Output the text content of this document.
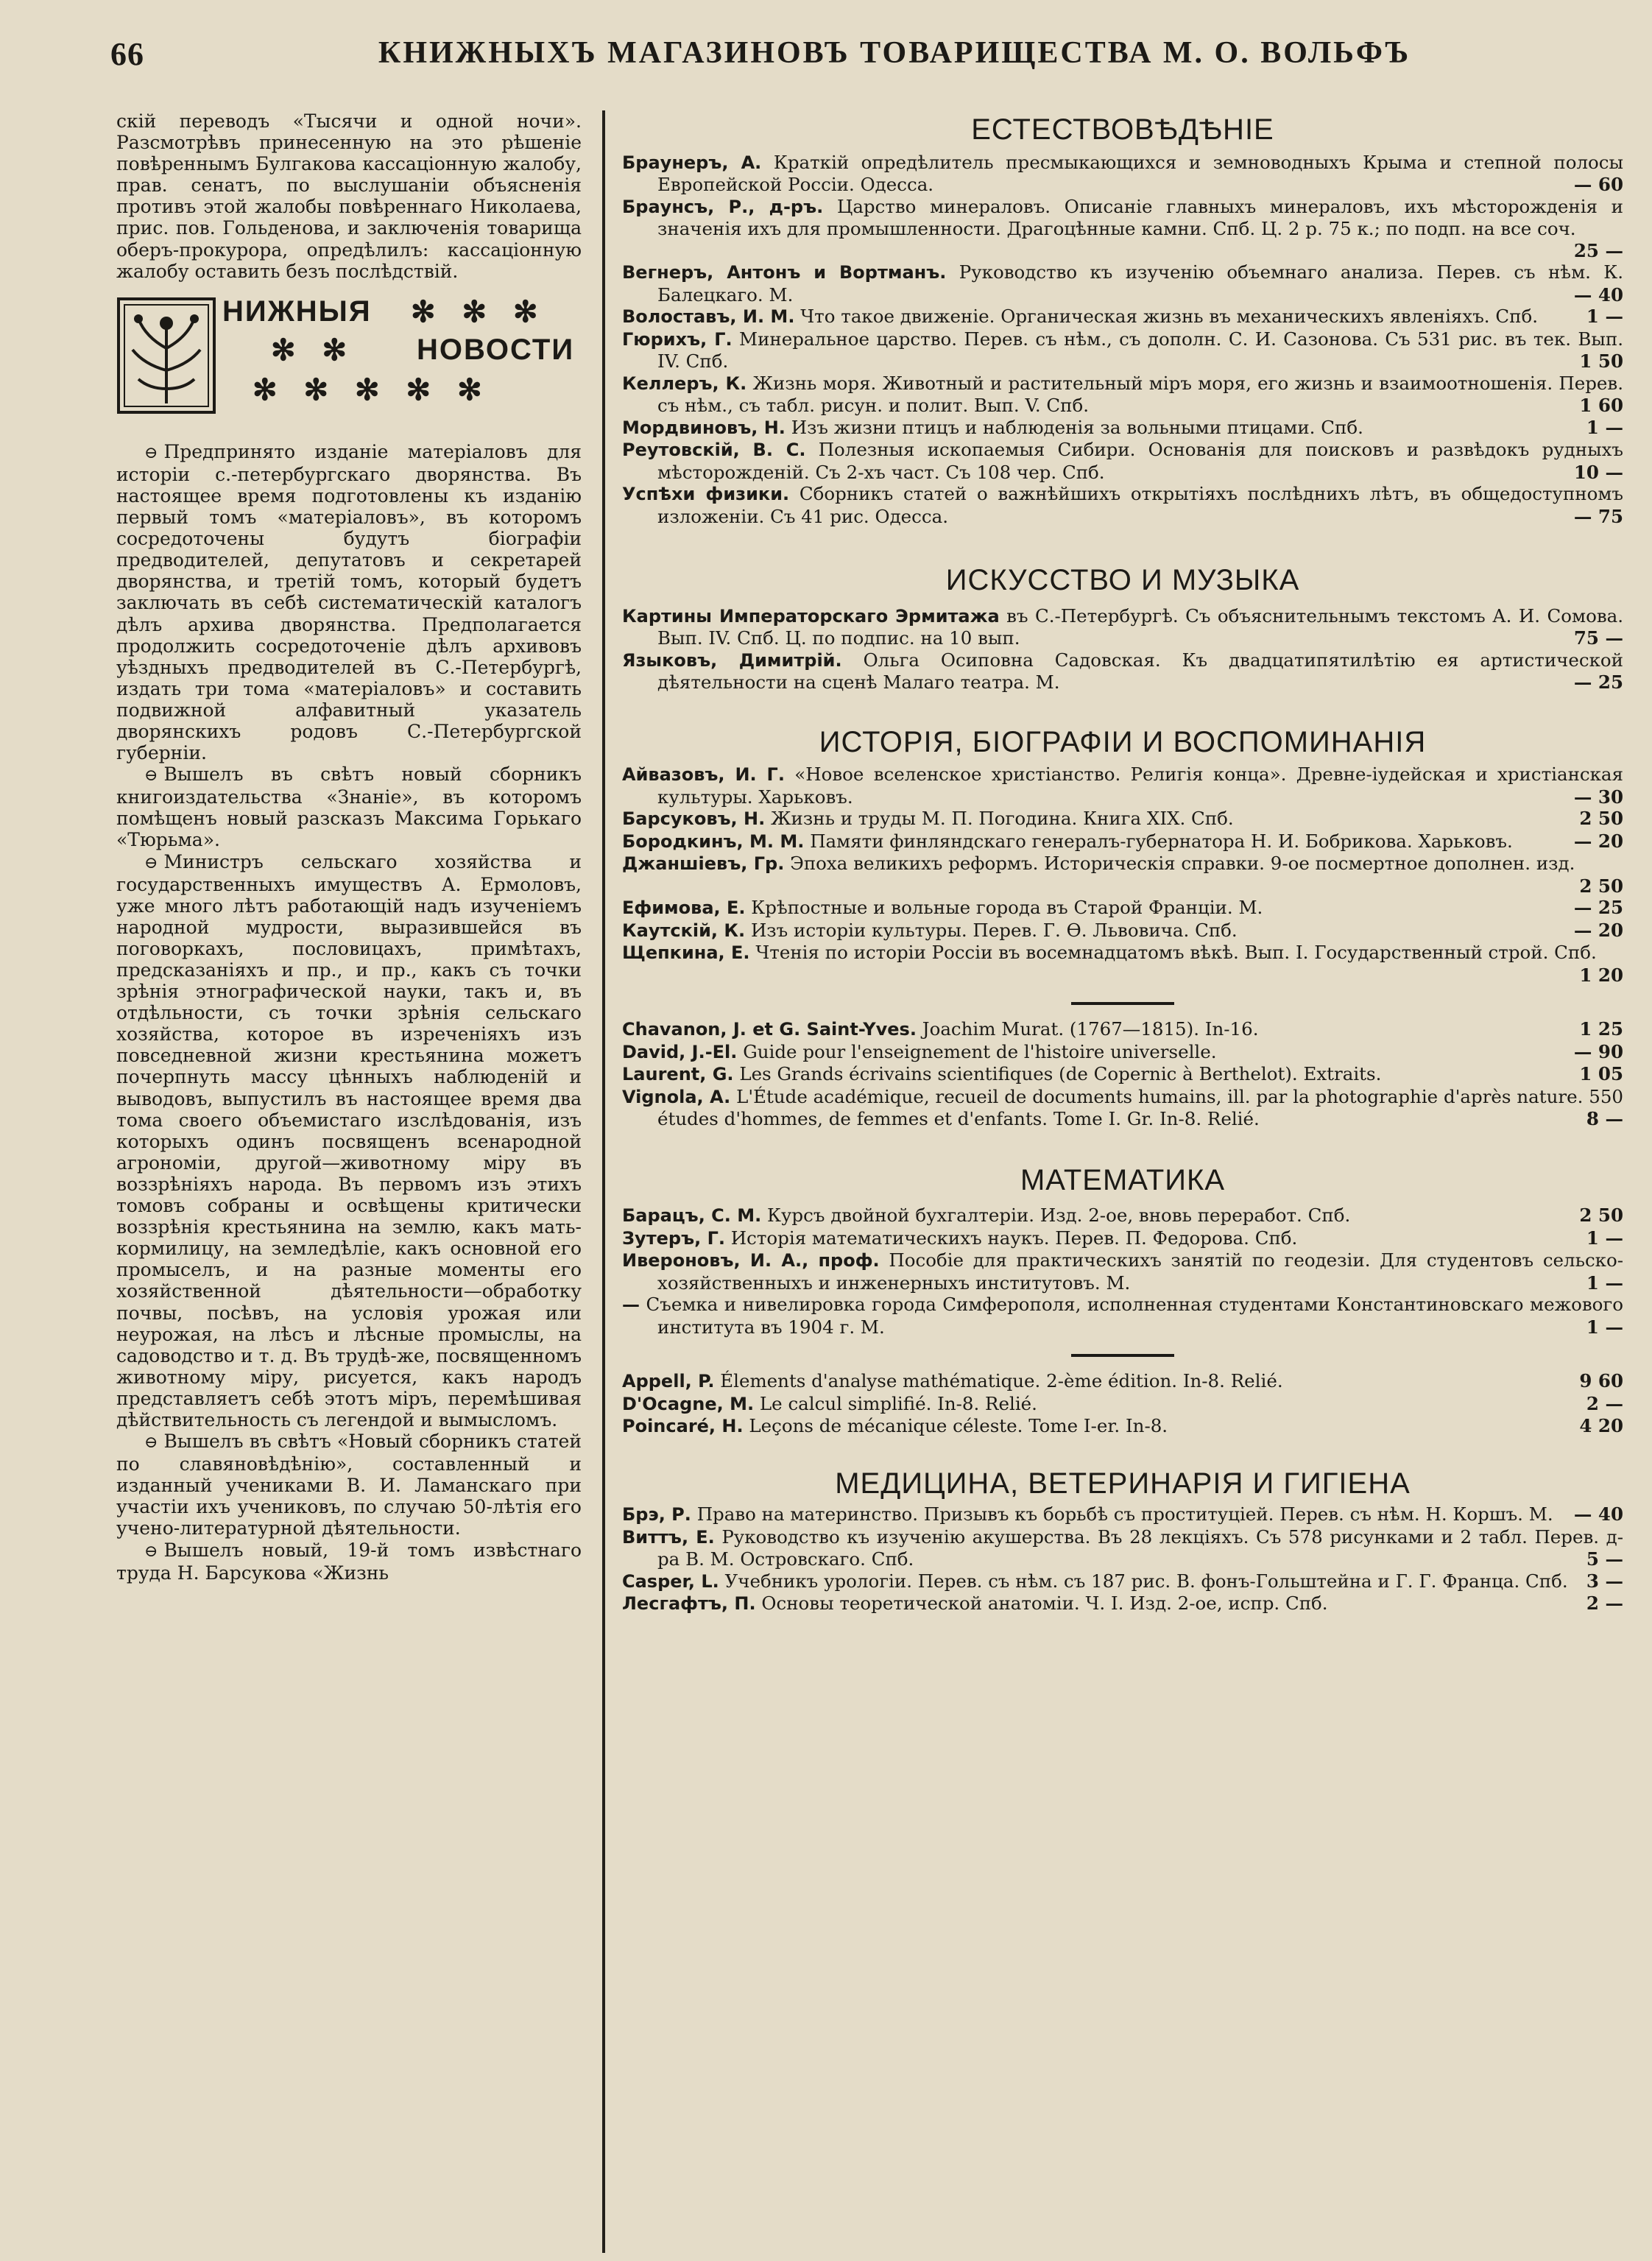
66	КНИЖНЫХЪ МАГАЗИНОВЪ ТОВАРИЩЕСТВА М. О. ВОЛЬФЪ

скій переводъ «Тысячи и одной ночи». Разсмотрѣвъ принесенную на это рѣшеніе повѣреннымъ Булгакова кассаціонную жалобу, прав. сенатъ, по выслушаніи объясненія противъ этой жалобы повѣреннаго Николаева, прис. пов. Гольденова, и заключенія товарища оберъ-прокурора, опредѣлилъ: кассаціонную жалобу оставить безъ послѣдствій.

НИЖНЫЯ ✻✻✻
✻✻ НОВОСТИ
✻✻✻✻✻

⊖ Предпринято изданіе матеріаловъ для исторіи с.-петербургскаго дворянства. Въ настоящее время подготовлены къ изданію первый томъ «матеріаловъ», въ которомъ сосредоточены будутъ біографіи предводителей, депутатовъ и секретарей дворянства, и третій томъ, который будетъ заключать въ себѣ систематическій каталогъ дѣлъ архива дворянства. Предполагается продолжить сосредоточеніе дѣлъ архивовъ уѣздныхъ предводителей въ С.-Петербургѣ, издать три тома «матеріаловъ» и составить подвижной алфавитный указатель дворянскихъ родовъ С.-Петербургской губерніи.

⊖ Вышелъ въ свѣтъ новый сборникъ книгоиздательства «Знаніе», въ которомъ помѣщенъ новый разсказъ Максима Горькаго «Тюрьма».

⊖ Министръ сельскаго хозяйства и государственныхъ имуществъ А. Ермоловъ, уже много лѣтъ работающій надъ изученіемъ народной мудрости, выразившейся въ поговоркахъ, пословицахъ, примѣтахъ, предсказаніяхъ и пр., и пр., какъ съ точки зрѣнія этнографической науки, такъ и, въ отдѣльности, съ точки зрѣнія сельскаго хозяйства, которое въ изреченіяхъ изъ повседневной жизни крестьянина можетъ почерпнуть массу цѣнныхъ наблюденій и выводовъ, выпустилъ въ настоящее время два тома своего объемистаго изслѣдованія, изъ которыхъ одинъ посвященъ всенародной агрономіи, другой—животному міру въ воззрѣніяхъ народа. Въ первомъ изъ этихъ томовъ собраны и освѣщены критически воззрѣнія крестьянина на землю, какъ мать-кормилицу, на земледѣліе, какъ основной его промыселъ, и на разные моменты его хозяйственной дѣятельности—обработку почвы, посѣвъ, на условія урожая или неурожая, на лѣсъ и лѣсные промыслы, на садоводство и т. д. Въ трудѣ-же, посвященномъ животному міру, рисуется, какъ народъ представляетъ себѣ этотъ міръ, перемѣшивая дѣйствительность съ легендой и вымысломъ.

⊖ Вышелъ въ свѣтъ «Новый сборникъ статей по славяновѣдѣнію», составленный и изданный учениками В. И. Ламанскаго при участіи ихъ учениковъ, по случаю 50-лѣтія его учено-литературной дѣятельности.

⊖ Вышелъ новый, 19-й томъ извѣстнаго труда Н. Барсукова «Жизнь

ЕСТЕСТВОВѢДѢНІЕ
Браунеръ, А. Краткій опредѣлитель пресмыкающихся и земноводныхъ Крыма и степной полосы Европейской Россіи. Одесса.	— 60
Браунсъ, Р., д-ръ. Царство минераловъ. Описаніе главныхъ минераловъ, ихъ мѣсторожденія и значенія ихъ для промышленности. Драгоцѣнные камни. Спб. Ц. 2 р. 75 к.; по подп. на все соч.
25 —
Вегнеръ, Антонъ и Вортманъ. Руководство къ изученію объемнаго анализа. Перев. съ нѣм. К. Балецкаго. М.	— 40
Волоставъ, И. М. Что такое движеніе. Органическая жизнь въ механическихъ явленіяхъ. Спб.	1 —
Гюрихъ, Г. Минеральное царство. Перев. съ нѣм., съ дополн. С. И. Сазонова. Съ 531 рис. въ тек. Вып. IV. Спб.	1 50
Келлеръ, К. Жизнь моря. Животный и растительный міръ моря, его жизнь и взаимоотношенія. Перев. съ нѣм., съ табл. рисун. и полит. Вып. V. Спб.	1 60
Мордвиновъ, Н. Изъ жизни птицъ и наблюденія за вольными птицами. Спб.	1 —
Реутовскій, В. С. Полезныя ископаемыя Сибири. Основанія для поисковъ и развѣдокъ рудныхъ мѣсторожденій. Съ 2-хъ част. Съ 108 чер. Спб.	10 —
Успѣхи физики. Сборникъ статей о важнѣйшихъ открытіяхъ послѣднихъ лѣтъ, въ общедоступномъ изложеніи. Съ 41 рис. Одесса.	— 75
ИСКУССТВО И МУЗЫКА
Картины Императорскаго Эрмитажа въ С.-Петербургѣ. Съ объяснительнымъ текстомъ А. И. Сомова. Вып. IV. Спб. Ц. по подпис. на 10 вып.	75 —
Языковъ, Димитрій. Ольга Осиповна Садовская. Къ двадцатипятилѣтію ея артистической дѣятельности на сценѣ Малаго театра. М.	— 25
ИСТОРІЯ, БІОГРАФІИ И ВОСПОМИНАНІЯ
Айвазовъ, И. Г. «Новое вселенское христіанство. Религія конца». Древне-іудейская и христіанская культуры. Харьковъ.	— 30
Барсуковъ, Н. Жизнь и труды М. П. Погодина. Книга XIX. Спб.	2 50
Бородкинъ, М. М. Памяти финляндскаго генералъ-губернатора Н. И. Бобрикова. Харьковъ.	— 20
Джаншіевъ, Гр. Эпоха великихъ реформъ. Историческія справки. 9-ое посмертное дополнен. изд.
2 50
Ефимова, Е. Крѣпостные и вольные города въ Старой Франціи. М.	— 25
Каутскій, К. Изъ исторіи культуры. Перев. Г. Ѳ. Львовича. Спб.	— 20
Щепкина, Е. Чтенія по исторіи Россіи въ восемнадцатомъ вѣкѣ. Вып. I. Государственный строй. Спб.
1 20
Chavanon, J. et G. Saint-Yves. Joachim Murat. (1767—1815). In-16.	1 25
David, J.-El. Guide pour l'enseignement de l'histoire universelle.	— 90
Laurent, G. Les Grands écrivains scientifiques (de Copernic à Berthelot). Extraits.	1 05
Vignola, A. L'Étude académique, recueil de documents humains, ill. par la photographie d'après nature. 550 études d'hommes, de femmes et d'enfants. Tome I. Gr. In-8. Relié.	8 —
МАТЕМАТИКА
Барацъ, С. М. Курсъ двойной бухгалтеріи. Изд. 2-ое, вновь переработ. Спб.	2 50
Зутеръ, Г. Исторія математическихъ наукъ. Перев. П. Федорова. Спб.	1 —
Ивероновъ, И. А., проф. Пособіе для практическихъ занятій по геодезіи. Для студентовъ сельско-хозяйственныхъ и инженерныхъ институтовъ. М.	1 —
— Съемка и нивелировка города Симферополя, исполненная студентами Константиновскаго межового института въ 1904 г. М.	1 —
Appell, P. Élements d'analyse mathématique. 2-ème édition. In-8. Relié.	9 60
D'Ocagne, M. Le calcul simplifié. In-8. Relié.	2 —
Poincaré, H. Leçons de mécanique céleste. Tome I-er. In-8.	4 20
МЕДИЦИНА, ВЕТЕРИНАРІЯ И ГИГІЕНА
Брэ, Р. Право на материнство. Призывъ къ борьбѣ съ проституціей. Перев. съ нѣм. Н. Коршъ. М.	— 40
Виттъ, Е. Руководство къ изученію акушерства. Въ 28 лекціяхъ. Съ 578 рисунками и 2 табл. Перев. д-ра В. М. Островскаго. Спб.	5 —
Casper, L. Учебникъ урологіи. Перев. съ нѣм. съ 187 рис. В. фонъ-Гольштейна и Г. Г. Франца. Спб.	3 —
Лесгафтъ, П. Основы теоретической анатоміи. Ч. I. Изд. 2-ое, испр. Спб.	2 —
